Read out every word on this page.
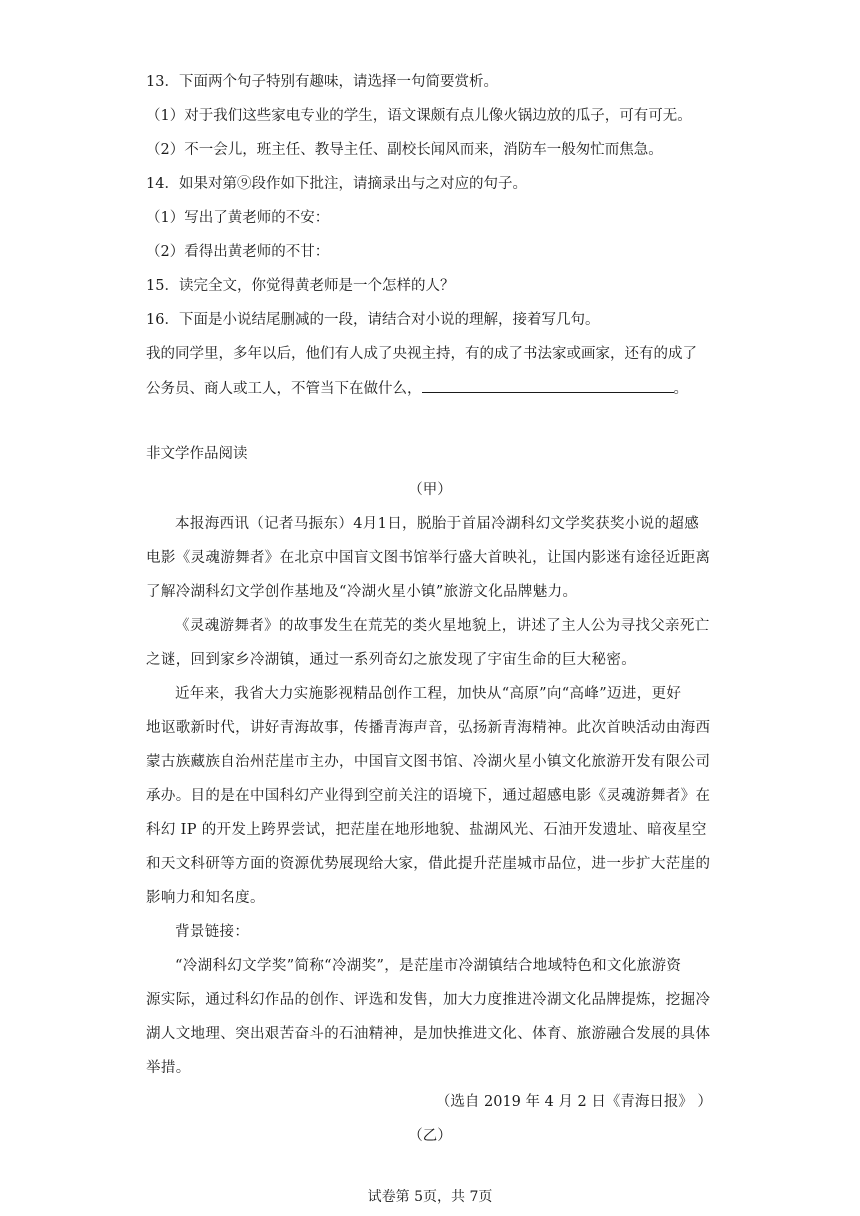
13．下面两个句子特别有趣味，请选择一句简要赏析。
（1）对于我们这些家电专业的学生，语文课颇有点儿像火锅边放的瓜子，可有可无。
（2）不一会儿，班主任、教导主任、副校长闻风而来，消防车一般匆忙而焦急。
14．如果对第⑨段作如下批注，请摘录出与之对应的句子。
（1）写出了黄老师的不安：
（2）看得出黄老师的不甘：
15．读完全文，你觉得黄老师是一个怎样的人？
16．下面是小说结尾删减的一段，请结合对小说的理解，接着写几句。
我的同学里，多年以后，他们有人成了央视主持，有的成了书法家或画家，还有的成了
公务员、商人或工人，不管当下在做什么，	。
非文学作品阅读
（甲）
本报海西讯（记者马振东）4月1日，脱胎于首届冷湖科幻文学奖获奖小说的超感
电影《灵魂游舞者》在北京中国盲文图书馆举行盛大首映礼，让国内影迷有途径近距离
了解冷湖科幻文学创作基地及“冷湖火星小镇”旅游文化品牌魅力。
《灵魂游舞者》的故事发生在荒芜的类火星地貌上，讲述了主人公为寻找父亲死亡
之谜，回到家乡冷湖镇，通过一系列奇幻之旅发现了宇宙生命的巨大秘密。
近年来，我省大力实施影视精品创作工程，加快从“高原”向“高峰”迈进，更好
地讴歌新时代，讲好青海故事，传播青海声音，弘扬新青海精神。此次首映活动由海西
蒙古族藏族自治州茫崖市主办，中国盲文图书馆、冷湖火星小镇文化旅游开发有限公司
承办。目的是在中国科幻产业得到空前关注的语境下，通过超感电影《灵魂游舞者》在
科幻 IP 的开发上跨界尝试，把茫崖在地形地貌、盐湖风光、石油开发遗址、暗夜星空
和天文科研等方面的资源优势展现给大家，借此提升茫崖城市品位，进一步扩大茫崖的
影响力和知名度。
背景链接：
“冷湖科幻文学奖”简称“冷湖奖”，是茫崖市冷湖镇结合地域特色和文化旅游资
源实际，通过科幻作品的创作、评选和发售，加大力度推进冷湖文化品牌提炼，挖掘冷
湖人文地理、突出艰苦奋斗的石油精神，是加快推进文化、体育、旅游融合发展的具体
举措。
（选自 2019 年 4 月 2 日《青海日报》 ）
（乙）
试卷第 5页，共 7页
